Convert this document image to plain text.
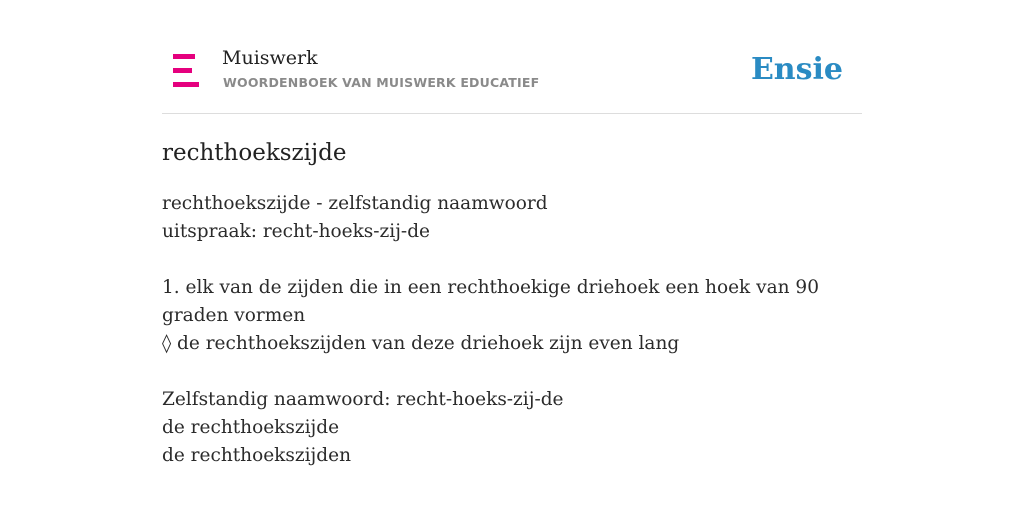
Muiswerk
WOORDENBOEK VAN MUISWERK EDUCATIEF	Ensie
rechthoekszijde
rechthoekszijde - zelfstandig naamwoord
uitspraak: recht-hoeks-zij-de
1. elk van de zijden die in een rechthoekige driehoek een hoek van 90 graden vormen
◊ de rechthoekszijden van deze driehoek zijn even lang
Zelfstandig naamwoord: recht-hoeks-zij-de
de rechthoekszijde
de rechthoekszijden
